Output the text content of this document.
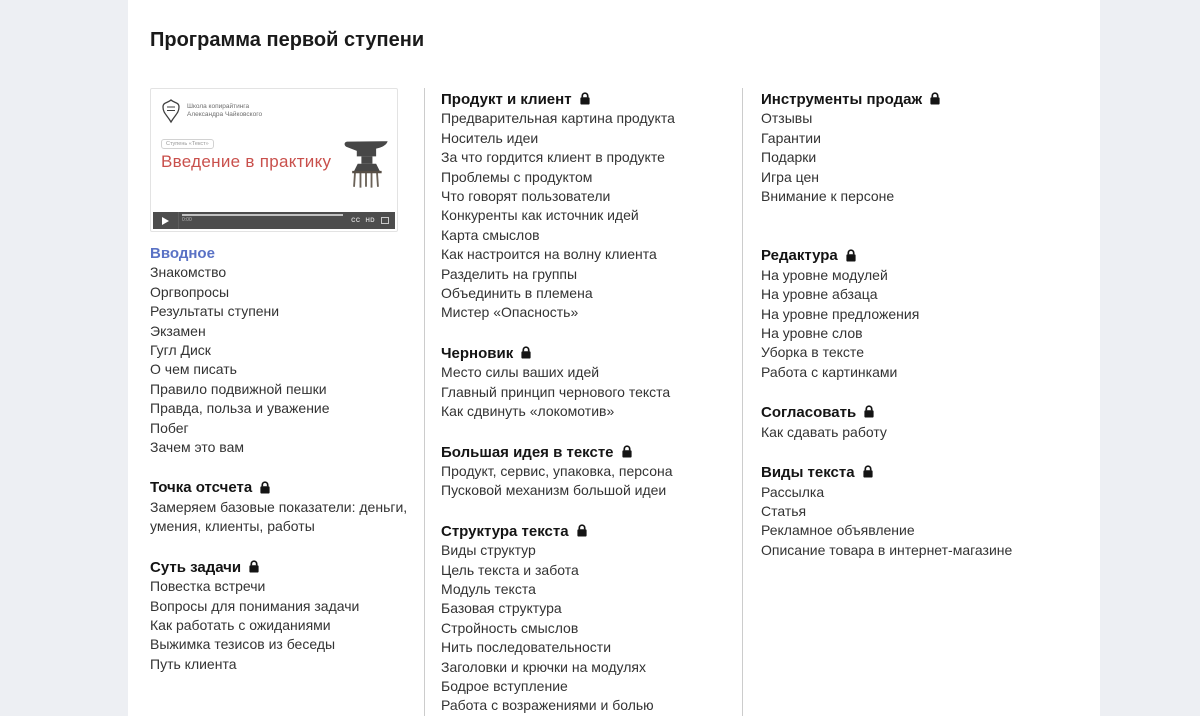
Программа первой ступени
Школа копирайтинга
Александра Чайковского
Ступень «Текст»
Введение в практику
0:00	CC HD
Вводное
Знакомство
Оргвопросы
Результаты ступени
Экзамен
Гугл Диск
О чем писать
Правило подвижной пешки
Правда, польза и уважение
Побег
Зачем это вам
Точка отсчета
Замеряем базовые показатели: деньги, умения, клиенты, работы
Суть задачи
Повестка встречи
Вопросы для понимания задачи
Как работать с ожиданиями
Выжимка тезисов из беседы
Путь клиента
Продукт и клиент
Предварительная картина продукта
Носитель идеи
За что гордится клиент в продукте
Проблемы с продуктом
Что говорят пользователи
Конкуренты как источник идей
Карта смыслов
Как настроится на волну клиента
Разделить на группы
Объединить в племена
Мистер «Опасность»
Черновик
Место силы ваших идей
Главный принцип чернового текста
Как сдвинуть «локомотив»
Большая идея в тексте
Продукт, сервис, упаковка, персона
Пусковой механизм большой идеи
Структура текста
Виды структур
Цель текста и забота
Модуль текста
Базовая структура
Стройность смыслов
Нить последовательности
Заголовки и крючки на модулях
Бодрое вступление
Работа с возражениями и болью
Инструменты продаж
Отзывы
Гарантии
Подарки
Игра цен
Внимание к персоне
Редактура
На уровне модулей
На уровне абзаца
На уровне предложения
На уровне слов
Уборка в тексте
Работа с картинками
Согласовать
Как сдавать работу
Виды текста
Рассылка
Статья
Рекламное объявление
Описание товара в интернет-магазине
